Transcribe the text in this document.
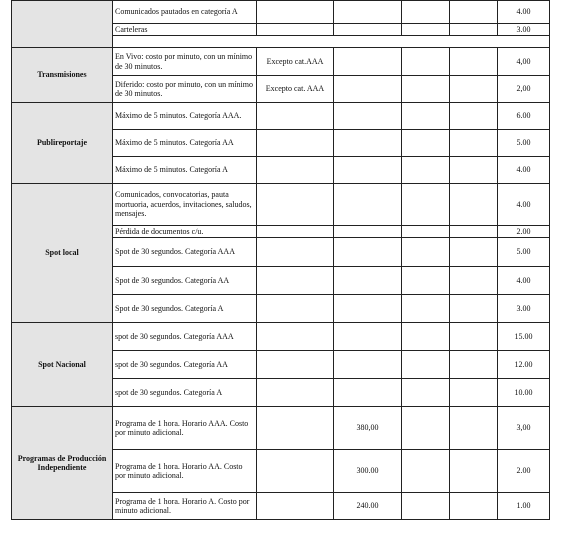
	Comunicados pautados en categoría A					4.00
	Carteleras					3.00

Transmisiones	En Vivo: costo por minuto, con un mínimo de 30 minutos.	Excepto cat.AAA				4,00
	Diferido: costo por minuto, con un mínimo de 30 minutos.	Excepto cat. AAA				2,00
Publireportaje	Máximo de 5 minutos. Categoría AAA.					6.00
	Máximo de 5 minutos. Categoría AA					5.00
	Máximo de 5 minutos. Categoría A					4.00
Spot local	Comunicados, convocatorias, pauta mortuoria, acuerdos, invitaciones, saludos, mensajes.					4.00
	Pérdida de documentos c/u.					2.00
	Spot de 30 segundos. Categoría AAA					5.00
	Spot de 30 segundos. Categoría AA					4.00
	Spot de 30 segundos. Categoría A					3.00
Spot Nacional	spot de 30 segundos. Categoría AAA					15.00
	spot de 30 segundos. Categoría AA					12.00
	spot de 30 segundos. Categoría A					10.00
Programas de Producción Independiente	Programa de 1 hora. Horario AAA. Costo por minuto adicional.		380,00			3,00
	Programa de 1 hora. Horario AA. Costo por minuto adicional.		300.00			2.00
	Programa de 1 hora. Horario A. Costo por minuto adicional.		240.00			1.00
